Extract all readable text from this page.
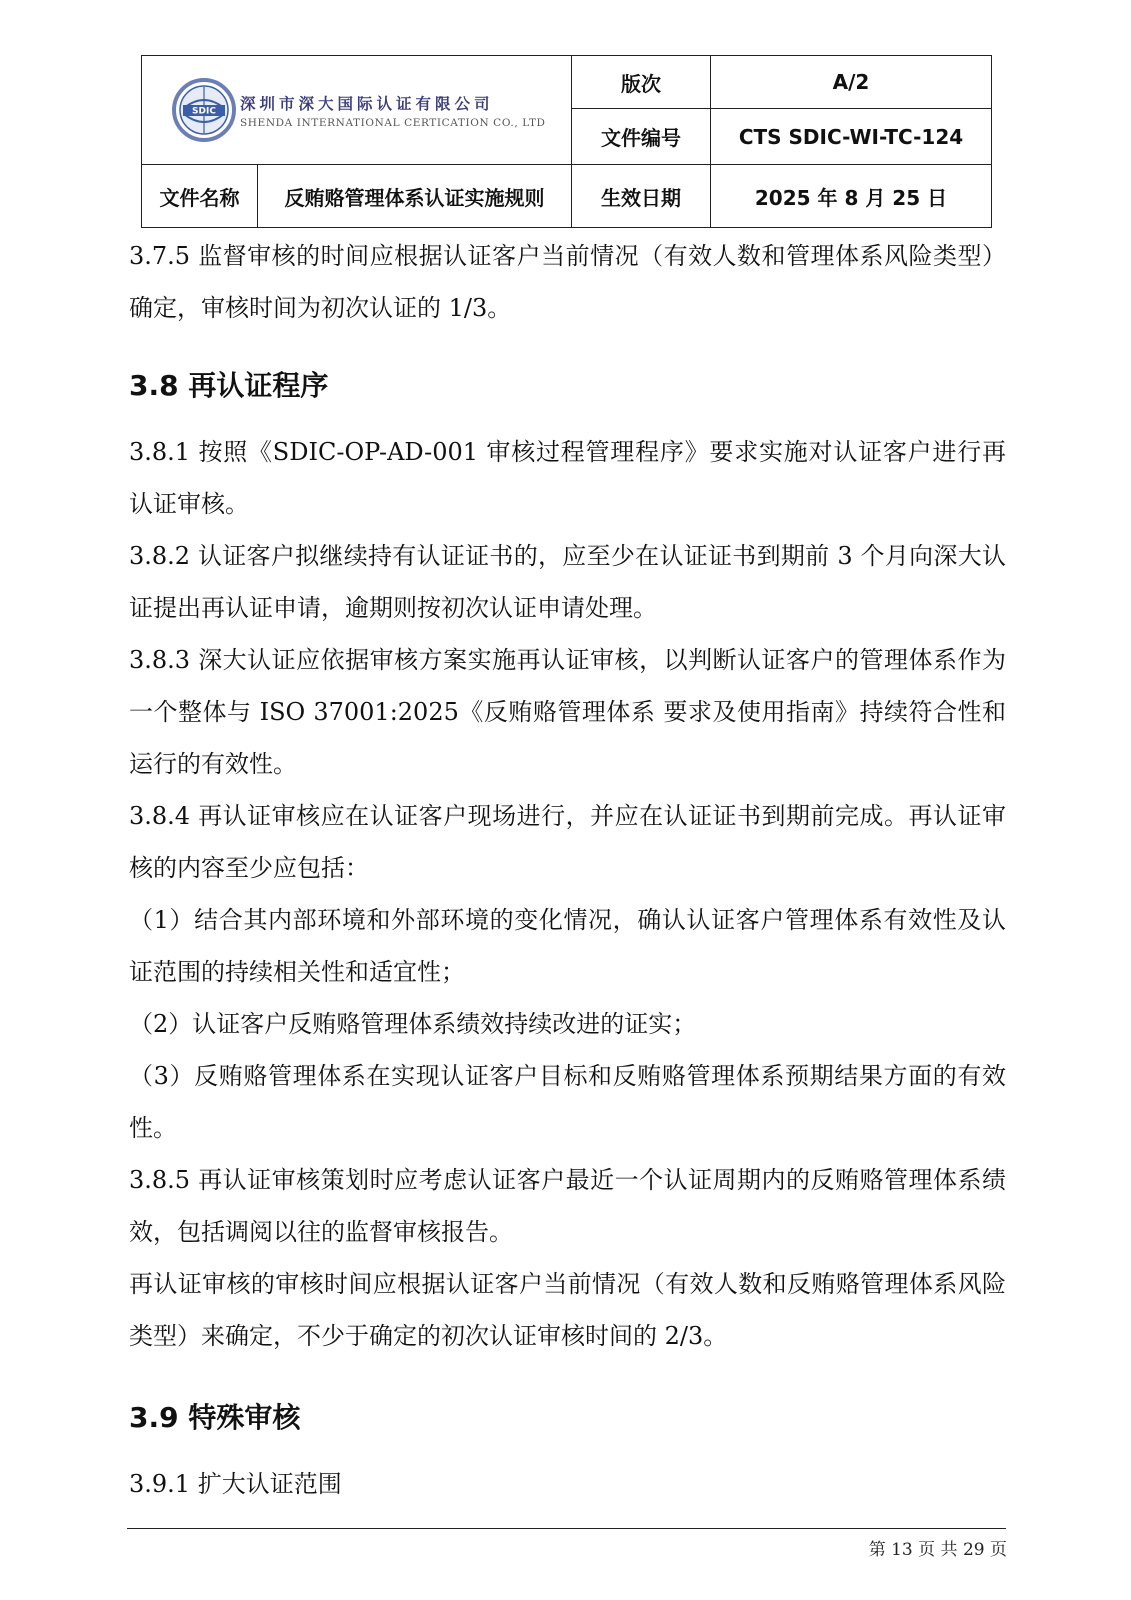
SDIC 深圳市深大国际认证有限公司
SHENDA INTERNATIONAL CERTICATION CO., LTD		版次	A/2
		文件编号	CTS SDIC-WI-TC-124
文件名称	反贿赂管理体系认证实施规则	生效日期	2025 年 8 月 25 日

3.7.5 监督审核的时间应根据认证客户当前情况（有效人数和管理体系风险类型）确定，审核时间为初次认证的 1/3。

3.8 再认证程序

3.8.1 按照《SDIC-OP-AD-001 审核过程管理程序》要求实施对认证客户进行再认证审核。

3.8.2 认证客户拟继续持有认证证书的，应至少在认证证书到期前 3 个月向深大认证提出再认证申请，逾期则按初次认证申请处理。

3.8.3 深大认证应依据审核方案实施再认证审核，以判断认证客户的管理体系作为一个整体与 ISO 37001:2025《反贿赂管理体系 要求及使用指南》持续符合性和运行的有效性。

3.8.4 再认证审核应在认证客户现场进行，并应在认证证书到期前完成。再认证审核的内容至少应包括：

（1）结合其内部环境和外部环境的变化情况，确认认证客户管理体系有效性及认证范围的持续相关性和适宜性；

（2）认证客户反贿赂管理体系绩效持续改进的证实；

（3）反贿赂管理体系在实现认证客户目标和反贿赂管理体系预期结果方面的有效性。

3.8.5 再认证审核策划时应考虑认证客户最近一个认证周期内的反贿赂管理体系绩效，包括调阅以往的监督审核报告。

再认证审核的审核时间应根据认证客户当前情况（有效人数和反贿赂管理体系风险类型）来确定，不少于确定的初次认证审核时间的 2/3。

3.9 特殊审核

3.9.1 扩大认证范围

第 13 页 共 29 页
